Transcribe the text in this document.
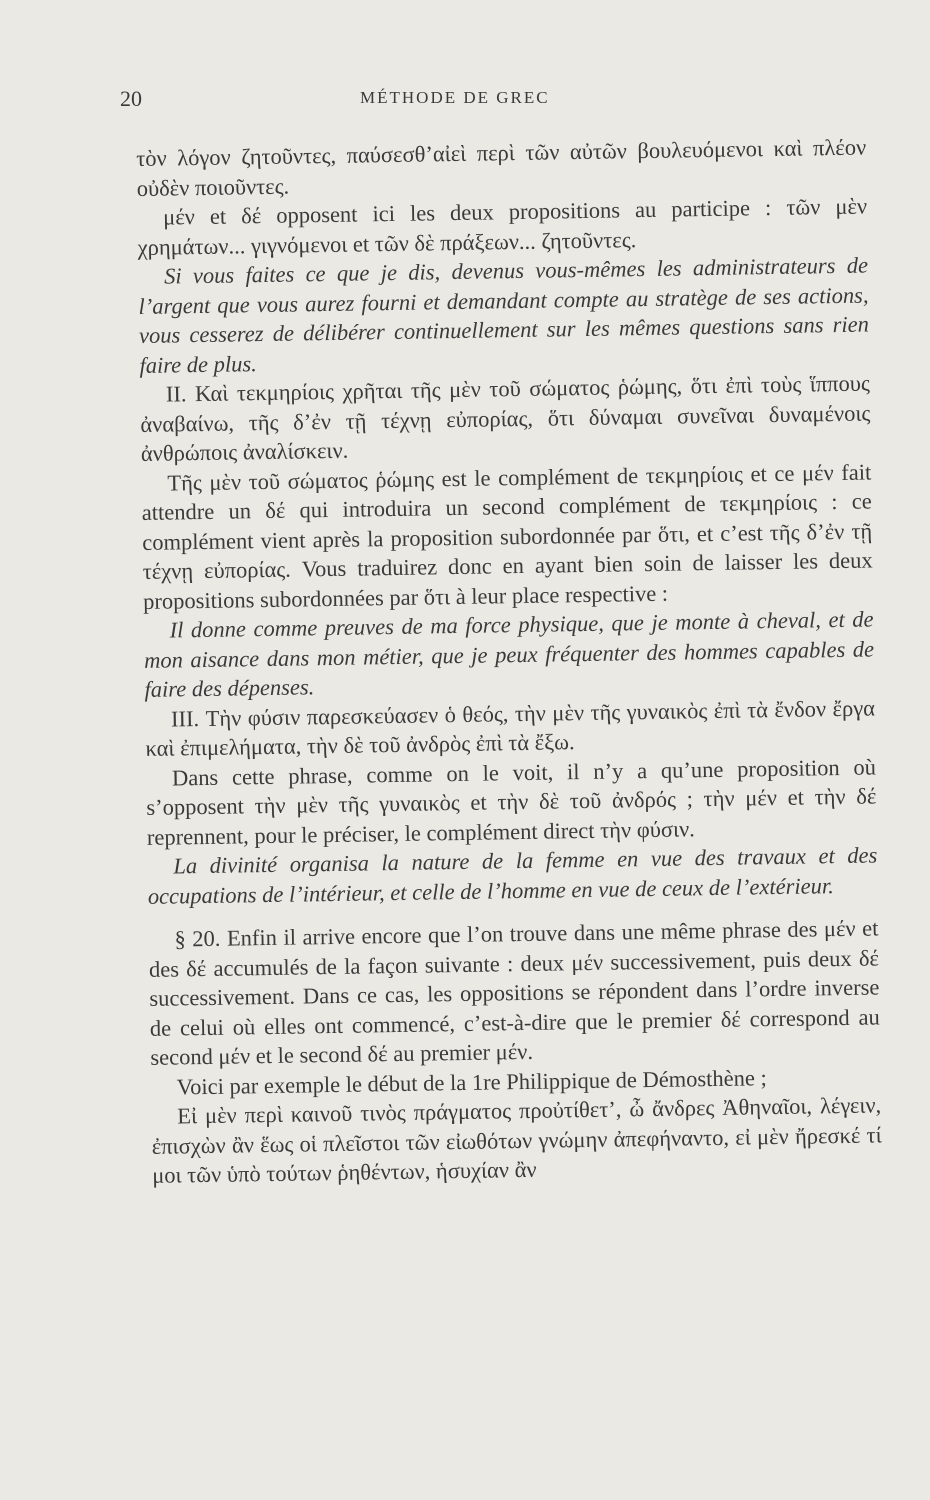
20	MÉTHODE DE GREC

τὸν λόγον ζητοῦντες, παύσεσθ’αἰεὶ περὶ τῶν αὐτῶν βουλευόμενοι καὶ πλέον οὐδὲν ποιοῦντες.

μέν et δέ opposent ici les deux propositions au participe : τῶν μὲν χρημάτων... γιγνόμενοι et τῶν δὲ πράξεων... ζητοῦντες.

Si vous faites ce que je dis, devenus vous-mêmes les administrateurs de l’argent que vous aurez fourni et demandant compte au stratège de ses actions, vous cesserez de délibérer continuellement sur les mêmes questions sans rien faire de plus.

II. Καὶ τεκμηρίοις χρῆται τῆς μὲν τοῦ σώματος ῥώμης, ὅτι ἐπὶ τοὺς ἵππους ἀναβαίνω, τῆς δ’ἐν τῇ τέχνῃ εὐπορίας, ὅτι δύναμαι συνεῖναι δυναμένοις ἀνθρώποις ἀναλίσκειν.

Τῆς μὲν τοῦ σώματος ῥώμης est le complément de τεκμηρίοις et ce μέν fait attendre un δέ qui introduira un second complément de τεκμηρίοις : ce complément vient après la proposition subordonnée par ὅτι, et c’est τῆς δ’ἐν τῇ τέχνῃ εὐπορίας. Vous traduirez donc en ayant bien soin de laisser les deux propositions subordonnées par ὅτι à leur place respective :

Il donne comme preuves de ma force physique, que je monte à cheval, et de mon aisance dans mon métier, que je peux fréquenter des hommes capables de faire des dépenses.

III. Τὴν φύσιν παρεσκεύασεν ὁ θεός, τὴν μὲν τῆς γυναικὸς ἐπὶ τὰ ἔνδον ἔργα καὶ ἐπιμελήματα, τὴν δὲ τοῦ ἀνδρὸς ἐπὶ τὰ ἔξω.

Dans cette phrase, comme on le voit, il n’y a qu’une proposition où s’opposent τὴν μὲν τῆς γυναικὸς et τὴν δὲ τοῦ ἀνδρός ; τὴν μέν et τὴν δέ reprennent, pour le préciser, le complément direct τὴν φύσιν.

La divinité organisa la nature de la femme en vue des travaux et des occupations de l’intérieur, et celle de l’homme en vue de ceux de l’extérieur.

§ 20. Enfin il arrive encore que l’on trouve dans une même phrase des μέν et des δέ accumulés de la façon suivante : deux μέν successivement, puis deux δέ successivement. Dans ce cas, les oppositions se répondent dans l’ordre inverse de celui où elles ont commencé, c’est-à-dire que le premier δέ correspond au second μέν et le second δέ au premier μέν.

Voici par exemple le début de la 1re Philippique de Démosthène ;

Εἰ μὲν περὶ καινοῦ τινὸς πράγματος προὐτίθετ’, ὦ ἄνδρες Ἀθηναῖοι, λέγειν, ἐπισχὼν ἂν ἕως οἱ πλεῖστοι τῶν εἰωθότων γνώμην ἀπεφήναντο, εἰ μὲν ἤρεσκέ τί μοι τῶν ὑπὸ τούτων ῥηθέντων, ἡσυχίαν ἂν
